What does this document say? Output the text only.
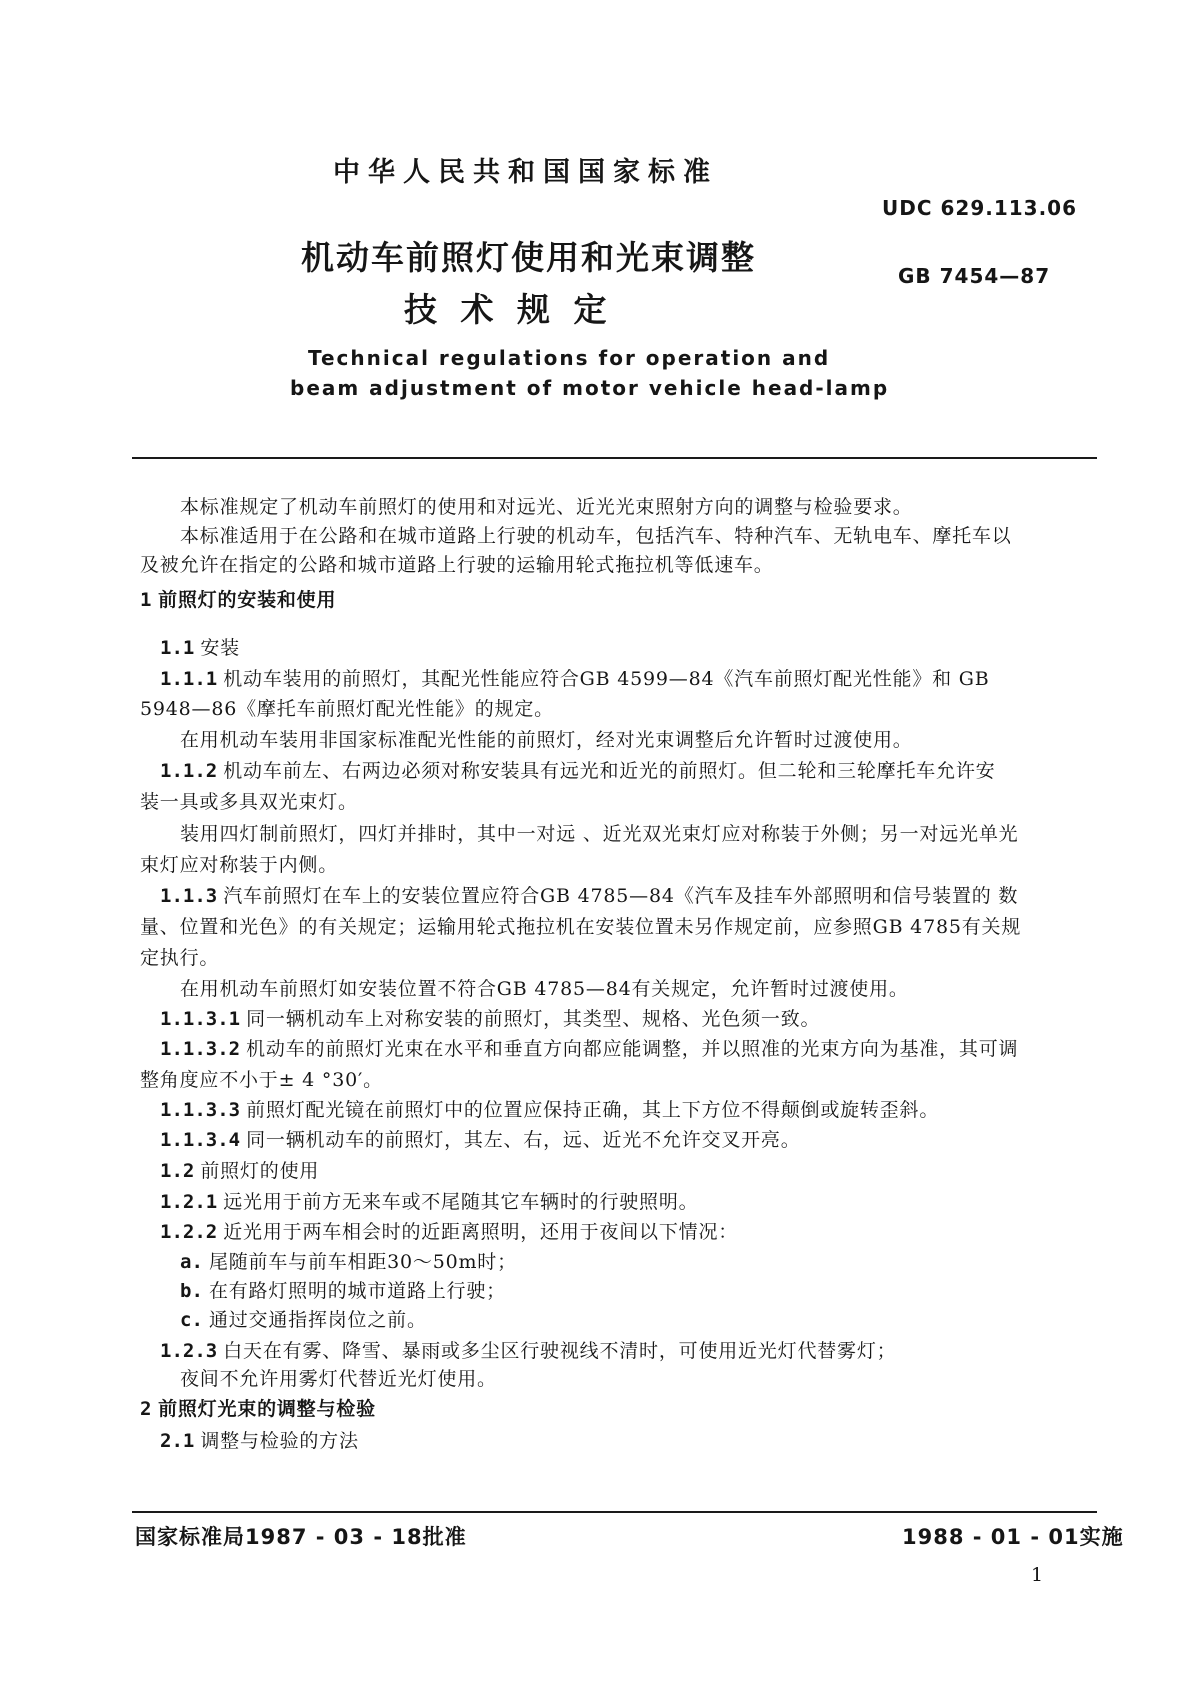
中华人民共和国国家标准
UDC 629.113.06
GB 7454—87
机动车前照灯使用和光束调整
技 术 规 定
Technical regulations for operation and
beam adjustment of motor vehicle head-lamp
本标准规定了机动车前照灯的使用和对远光、近光光束照射方向的调整与检验要求。
本标准适用于在公路和在城市道路上行驶的机动车，包括汽车、特种汽车、无轨电车、摩托车以
及被允许在指定的公路和城市道路上行驶的运输用轮式拖拉机等低速车。
1 前照灯的安装和使用
1.1 安装
1.1.1 机动车装用的前照灯，其配光性能应符合GB 4599—84《汽车前照灯配光性能》和 GB
5948—86《摩托车前照灯配光性能》的规定。
在用机动车装用非国家标准配光性能的前照灯，经对光束调整后允许暂时过渡使用。
1.1.2 机动车前左、右两边必须对称安装具有远光和近光的前照灯。但二轮和三轮摩托车允许安
装一具或多具双光束灯。
装用四灯制前照灯，四灯并排时，其中一对远 、近光双光束灯应对称装于外侧；另一对远光单光
束灯应对称装于内侧。
1.1.3 汽车前照灯在车上的安装位置应符合GB 4785—84《汽车及挂车外部照明和信号装置的 数
量、位置和光色》的有关规定；运输用轮式拖拉机在安装位置未另作规定前，应参照GB 4785有关规
定执行。
在用机动车前照灯如安装位置不符合GB 4785—84有关规定，允许暂时过渡使用。
1.1.3.1 同一辆机动车上对称安装的前照灯，其类型、规格、光色须一致。
1.1.3.2 机动车的前照灯光束在水平和垂直方向都应能调整，并以照准的光束方向为基准，其可调
整角度应不小于± 4 °30′。
1.1.3.3 前照灯配光镜在前照灯中的位置应保持正确，其上下方位不得颠倒或旋转歪斜。
1.1.3.4 同一辆机动车的前照灯，其左、右，远、近光不允许交叉开亮。
1.2 前照灯的使用
1.2.1 远光用于前方无来车或不尾随其它车辆时的行驶照明。
1.2.2 近光用于两车相会时的近距离照明，还用于夜间以下情况：
a. 尾随前车与前车相距30～50m时；
b. 在有路灯照明的城市道路上行驶；
c. 通过交通指挥岗位之前。
1.2.3 白天在有雾、降雪、暴雨或多尘区行驶视线不清时，可使用近光灯代替雾灯；
夜间不允许用雾灯代替近光灯使用。
2 前照灯光束的调整与检验
2.1 调整与检验的方法
国家标准局1987 - 03 - 18批准	1988 - 01 - 01实施
1
